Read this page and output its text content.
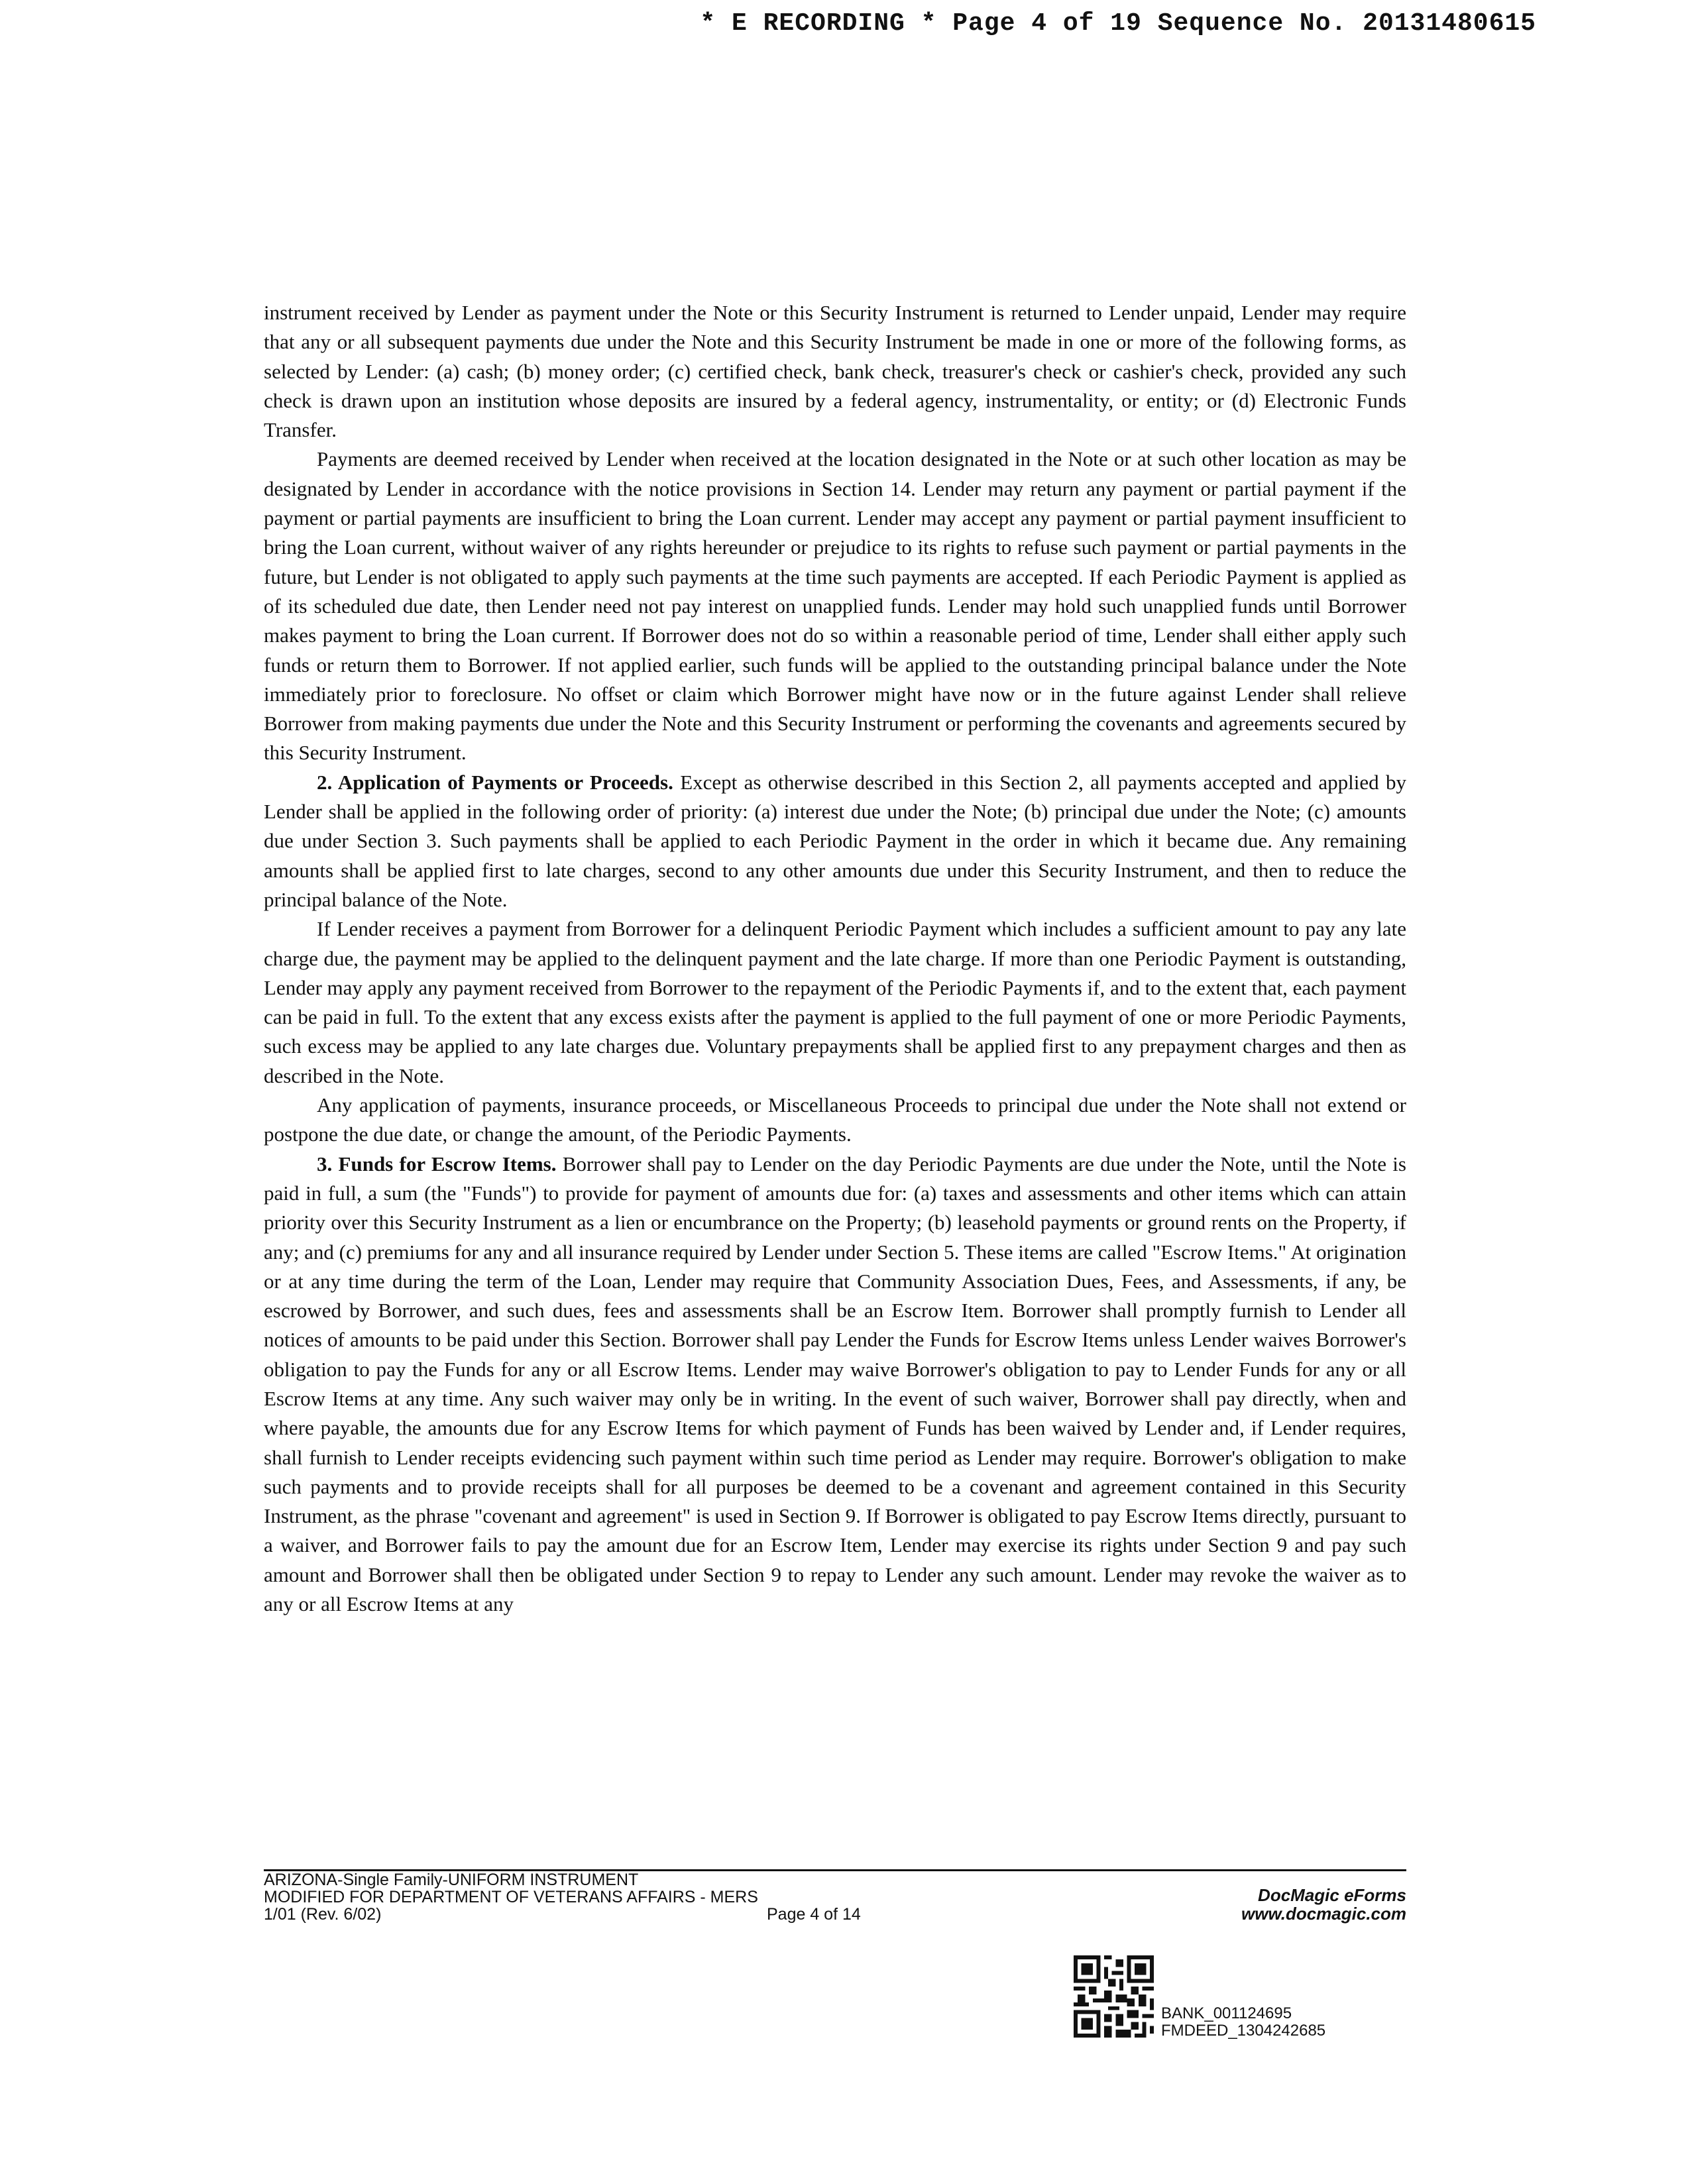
* E RECORDING * Page 4 of 19 Sequence No. 20131480615

instrument received by Lender as payment under the Note or this Security Instrument is returned to Lender unpaid, Lender may require that any or all subsequent payments due under the Note and this Security Instrument be made in one or more of the following forms, as selected by Lender: (a) cash; (b) money order; (c) certified check, bank check, treasurer's check or cashier's check, provided any such check is drawn upon an institution whose deposits are insured by a federal agency, instrumentality, or entity; or (d) Electronic Funds Transfer.

Payments are deemed received by Lender when received at the location designated in the Note or at such other location as may be designated by Lender in accordance with the notice provisions in Section 14. Lender may return any payment or partial payment if the payment or partial payments are insufficient to bring the Loan current. Lender may accept any payment or partial payment insufficient to bring the Loan current, without waiver of any rights hereunder or prejudice to its rights to refuse such payment or partial payments in the future, but Lender is not obligated to apply such payments at the time such payments are accepted. If each Periodic Payment is applied as of its scheduled due date, then Lender need not pay interest on unapplied funds. Lender may hold such unapplied funds until Borrower makes payment to bring the Loan current. If Borrower does not do so within a reasonable period of time, Lender shall either apply such funds or return them to Borrower. If not applied earlier, such funds will be applied to the outstanding principal balance under the Note immediately prior to foreclosure. No offset or claim which Borrower might have now or in the future against Lender shall relieve Borrower from making payments due under the Note and this Security Instrument or performing the covenants and agreements secured by this Security Instrument.

2. Application of Payments or Proceeds. Except as otherwise described in this Section 2, all payments accepted and applied by Lender shall be applied in the following order of priority: (a) interest due under the Note; (b) principal due under the Note; (c) amounts due under Section 3. Such payments shall be applied to each Periodic Payment in the order in which it became due. Any remaining amounts shall be applied first to late charges, second to any other amounts due under this Security Instrument, and then to reduce the principal balance of the Note.

If Lender receives a payment from Borrower for a delinquent Periodic Payment which includes a sufficient amount to pay any late charge due, the payment may be applied to the delinquent payment and the late charge. If more than one Periodic Payment is outstanding, Lender may apply any payment received from Borrower to the repayment of the Periodic Payments if, and to the extent that, each payment can be paid in full. To the extent that any excess exists after the payment is applied to the full payment of one or more Periodic Payments, such excess may be applied to any late charges due. Voluntary prepayments shall be applied first to any prepayment charges and then as described in the Note.

Any application of payments, insurance proceeds, or Miscellaneous Proceeds to principal due under the Note shall not extend or postpone the due date, or change the amount, of the Periodic Payments.

3. Funds for Escrow Items. Borrower shall pay to Lender on the day Periodic Payments are due under the Note, until the Note is paid in full, a sum (the "Funds") to provide for payment of amounts due for: (a) taxes and assessments and other items which can attain priority over this Security Instrument as a lien or encumbrance on the Property; (b) leasehold payments or ground rents on the Property, if any; and (c) premiums for any and all insurance required by Lender under Section 5. These items are called "Escrow Items." At origination or at any time during the term of the Loan, Lender may require that Community Association Dues, Fees, and Assessments, if any, be escrowed by Borrower, and such dues, fees and assessments shall be an Escrow Item. Borrower shall promptly furnish to Lender all notices of amounts to be paid under this Section. Borrower shall pay Lender the Funds for Escrow Items unless Lender waives Borrower's obligation to pay the Funds for any or all Escrow Items. Lender may waive Borrower's obligation to pay to Lender Funds for any or all Escrow Items at any time. Any such waiver may only be in writing. In the event of such waiver, Borrower shall pay directly, when and where payable, the amounts due for any Escrow Items for which payment of Funds has been waived by Lender and, if Lender requires, shall furnish to Lender receipts evidencing such payment within such time period as Lender may require. Borrower's obligation to make such payments and to provide receipts shall for all purposes be deemed to be a covenant and agreement contained in this Security Instrument, as the phrase "covenant and agreement" is used in Section 9. If Borrower is obligated to pay Escrow Items directly, pursuant to a waiver, and Borrower fails to pay the amount due for an Escrow Item, Lender may exercise its rights under Section 9 and pay such amount and Borrower shall then be obligated under Section 9 to repay to Lender any such amount. Lender may revoke the waiver as to any or all Escrow Items at any

ARIZONA-Single Family-UNIFORM INSTRUMENT
MODIFIED FOR DEPARTMENT OF VETERANS AFFAIRS - MERS
1/01 (Rev. 6/02)	Page 4 of 14
DocMagic eForms
www.docmagic.com
BANK_001124695
FMDEED_1304242685
